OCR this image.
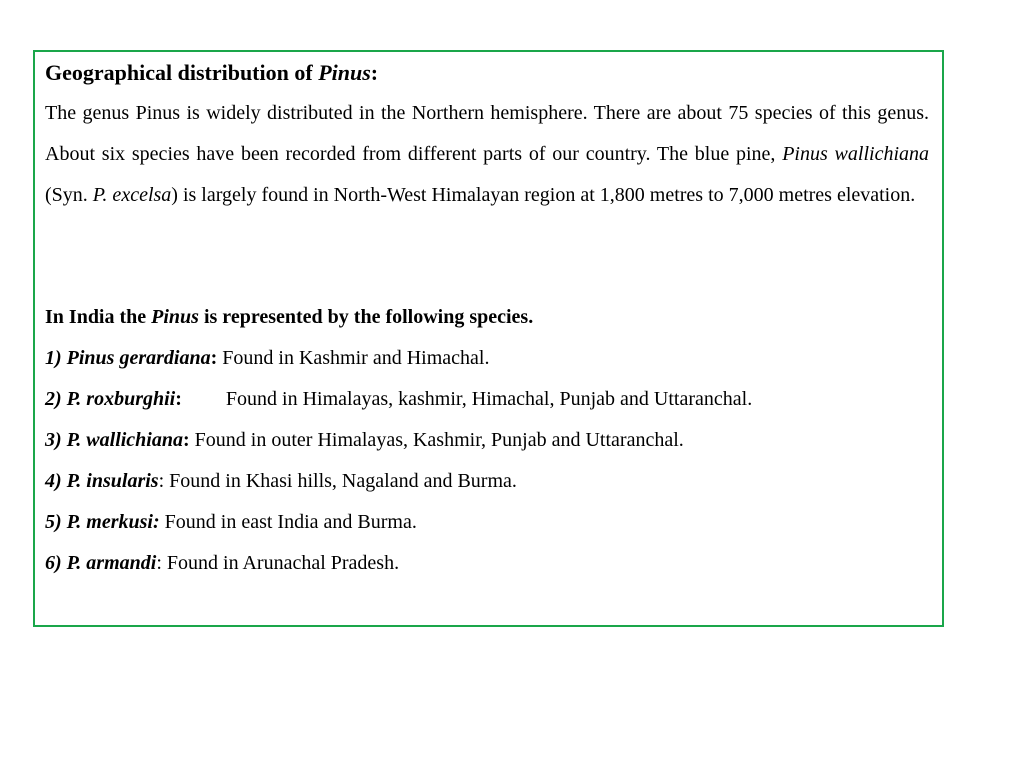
Geographical distribution of Pinus:

The genus Pinus is widely distributed in the Northern hemisphere. There are about 75 species of this genus. About six species have been recorded from different parts of our country. The blue pine, Pinus wallichiana (Syn. P. excelsa) is largely found in North-West Himalayan region at 1,800 metres to 7,000 metres elevation.

In India the Pinus is represented by the following species.
1) Pinus gerardiana: Found in Kashmir and Himachal.
2) P. roxburghii: Found in Himalayas, kashmir, Himachal, Punjab and Uttaranchal.
3) P. wallichiana: Found in outer Himalayas, Kashmir, Punjab and Uttaranchal.
4) P. insularis: Found in Khasi hills, Nagaland and Burma.
5) P. merkusi: Found in east India and Burma.
6) P. armandi: Found in Arunachal Pradesh.
